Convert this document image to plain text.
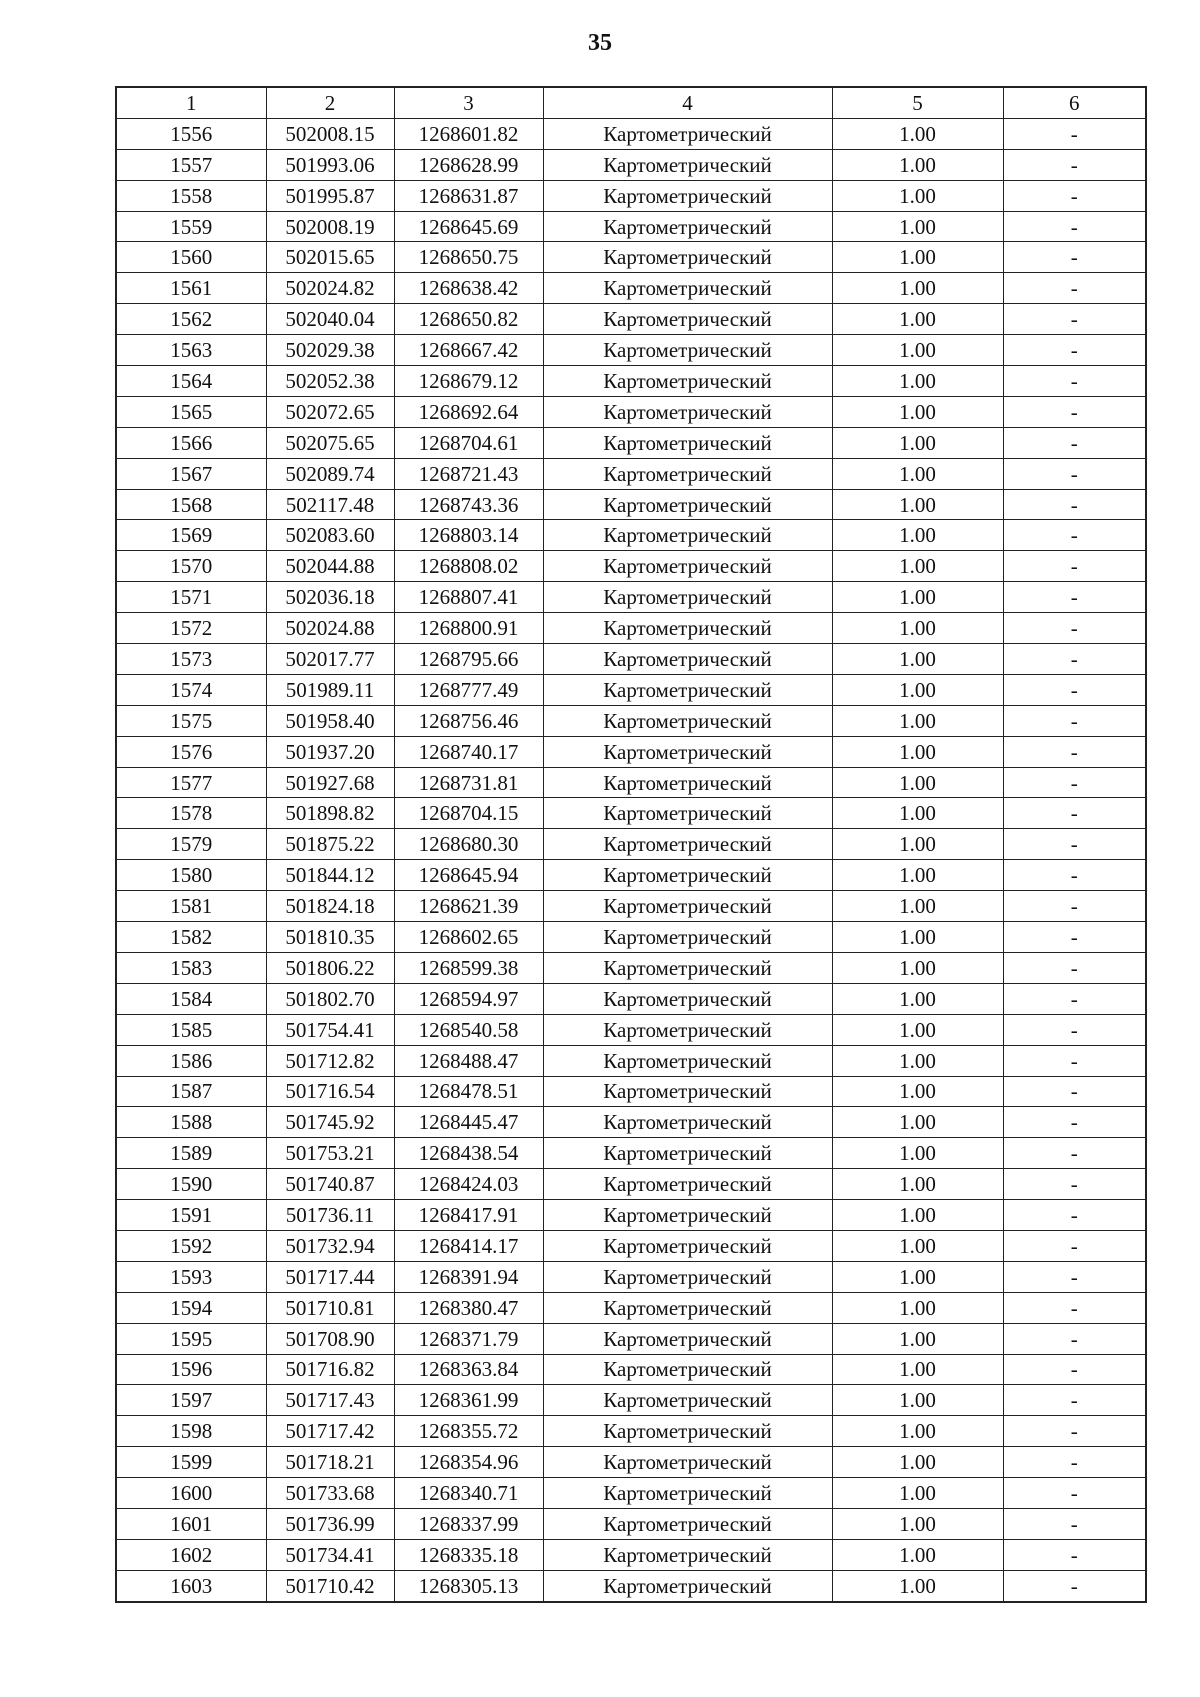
35
1	2	3	4	5	6
1556	502008.15	1268601.82	Картометрический	1.00	-
1557	501993.06	1268628.99	Картометрический	1.00	-
1558	501995.87	1268631.87	Картометрический	1.00	-
1559	502008.19	1268645.69	Картометрический	1.00	-
1560	502015.65	1268650.75	Картометрический	1.00	-
1561	502024.82	1268638.42	Картометрический	1.00	-
1562	502040.04	1268650.82	Картометрический	1.00	-
1563	502029.38	1268667.42	Картометрический	1.00	-
1564	502052.38	1268679.12	Картометрический	1.00	-
1565	502072.65	1268692.64	Картометрический	1.00	-
1566	502075.65	1268704.61	Картометрический	1.00	-
1567	502089.74	1268721.43	Картометрический	1.00	-
1568	502117.48	1268743.36	Картометрический	1.00	-
1569	502083.60	1268803.14	Картометрический	1.00	-
1570	502044.88	1268808.02	Картометрический	1.00	-
1571	502036.18	1268807.41	Картометрический	1.00	-
1572	502024.88	1268800.91	Картометрический	1.00	-
1573	502017.77	1268795.66	Картометрический	1.00	-
1574	501989.11	1268777.49	Картометрический	1.00	-
1575	501958.40	1268756.46	Картометрический	1.00	-
1576	501937.20	1268740.17	Картометрический	1.00	-
1577	501927.68	1268731.81	Картометрический	1.00	-
1578	501898.82	1268704.15	Картометрический	1.00	-
1579	501875.22	1268680.30	Картометрический	1.00	-
1580	501844.12	1268645.94	Картометрический	1.00	-
1581	501824.18	1268621.39	Картометрический	1.00	-
1582	501810.35	1268602.65	Картометрический	1.00	-
1583	501806.22	1268599.38	Картометрический	1.00	-
1584	501802.70	1268594.97	Картометрический	1.00	-
1585	501754.41	1268540.58	Картометрический	1.00	-
1586	501712.82	1268488.47	Картометрический	1.00	-
1587	501716.54	1268478.51	Картометрический	1.00	-
1588	501745.92	1268445.47	Картометрический	1.00	-
1589	501753.21	1268438.54	Картометрический	1.00	-
1590	501740.87	1268424.03	Картометрический	1.00	-
1591	501736.11	1268417.91	Картометрический	1.00	-
1592	501732.94	1268414.17	Картометрический	1.00	-
1593	501717.44	1268391.94	Картометрический	1.00	-
1594	501710.81	1268380.47	Картометрический	1.00	-
1595	501708.90	1268371.79	Картометрический	1.00	-
1596	501716.82	1268363.84	Картометрический	1.00	-
1597	501717.43	1268361.99	Картометрический	1.00	-
1598	501717.42	1268355.72	Картометрический	1.00	-
1599	501718.21	1268354.96	Картометрический	1.00	-
1600	501733.68	1268340.71	Картометрический	1.00	-
1601	501736.99	1268337.99	Картометрический	1.00	-
1602	501734.41	1268335.18	Картометрический	1.00	-
1603	501710.42	1268305.13	Картометрический	1.00	-
